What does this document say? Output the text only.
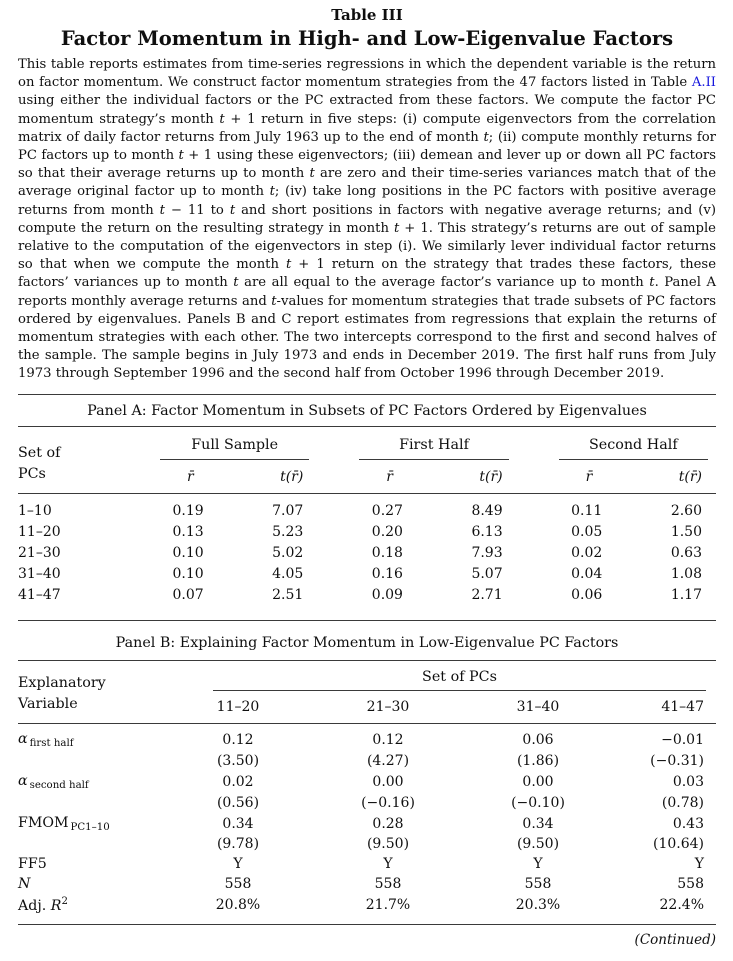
Table III
Factor Momentum in High- and Low-Eigenvalue Factors

This table reports estimates from time-series regressions in which the dependent variable is the return on factor momentum. We construct factor momentum strategies from the 47 factors listed in Table A.II using either the individual factors or the PC extracted from these factors. We compute the factor PC momentum strategy’s month t + 1 return in five steps: (i) compute eigenvectors from the correlation matrix of daily factor returns from July 1963 up to the end of month t; (ii) compute monthly returns for PC factors up to month t + 1 using these eigenvectors; (iii) demean and lever up or down all PC factors so that their average returns up to month t are zero and their time-series variances match that of the average original factor up to month t; (iv) take long positions in the PC factors with positive average returns from month t − 11 to t and short positions in factors with negative average returns; and (v) compute the return on the resulting strategy in month t + 1. This strategy’s returns are out of sample relative to the computation of the eigenvectors in step (i). We similarly lever individual factor returns so that when we compute the month t + 1 return on the strategy that trades these factors, these factors’ variances up to month t are all equal to the average factor’s variance up to month t. Panel A reports monthly average returns and t-values for momentum strategies that trade subsets of PC factors ordered by eigenvalues. Panels B and C report estimates from regressions that explain the returns of momentum strategies with each other. The two intercepts correspond to the first and second halves of the sample. The sample begins in July 1973 and ends in December 2019. The first half runs from July 1973 through September 1996 and the second half from October 1996 through December 2019.

Panel A: Factor Momentum in Subsets of PC Factors Ordered by Eigenvalues
Set of
PCs	Full Sample		First Half		Second Half	

	r̄	t(r̄)	r̄	t(r̄)	r̄	t(r̄)
1–10	0.19	7.07	0.27	8.49	0.11	2.60
11–20	0.13	5.23	0.20	6.13	0.05	1.50
21–30	0.10	5.02	0.18	7.93	0.02	0.63
31–40	0.10	4.05	0.16	5.07	0.04	1.08
41–47	0.07	2.51	0.09	2.71	0.06	1.17
Panel B: Explaining Factor Momentum in Low-Eigenvalue PC Factors
Explanatory
Variable	Set of PCs			

	11–20	21–30	31–40	41–47
α $_{first half}$	0.12	0.12	0.06	−0.01
	(3.50)	(4.27)	(1.86)	(−0.31)
α $_{second half}$	0.02	0.00	0.00	0.03
	(0.56)	(−0.16)	(−0.10)	(0.78)
FMOM $_{PC1-10}$	0.34	0.28	0.34	0.43
	(9.78)	(9.50)	(9.50)	(10.64)
FF5	Y	Y	Y	Y
N	558	558	558	558
Adj. $R^2$	20.8%	21.7%	20.3%	22.4%
(Continued)
